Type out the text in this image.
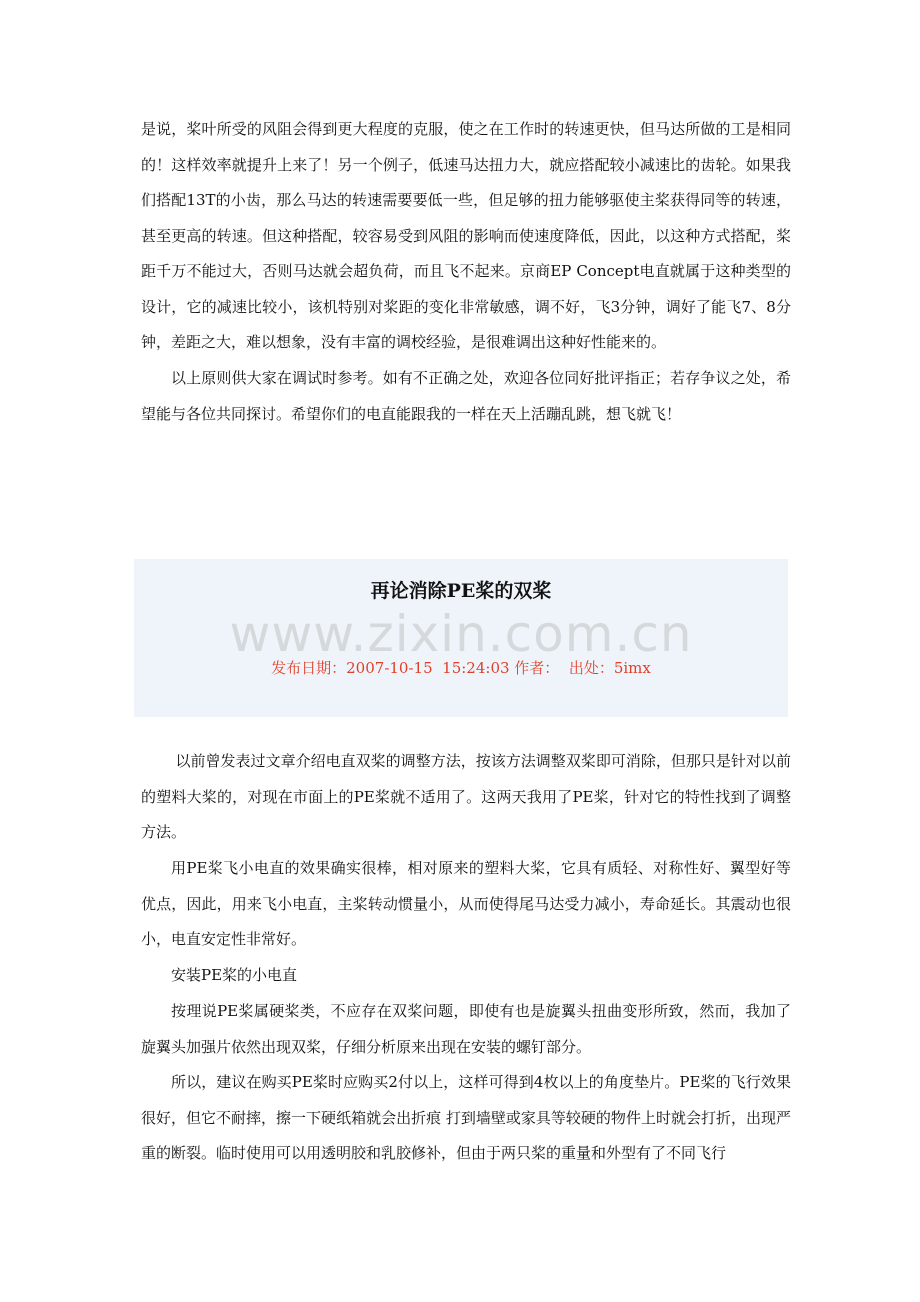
是说，桨叶所受的风阻会得到更大程度的克服，使之在工作时的转速更快，但马达所做的工是相同的！这样效率就提升上来了！另一个例子，低速马达扭力大，就应搭配较小减速比的齿轮。如果我们搭配13T的小齿，那么马达的转速需要要低一些，但足够的扭力能够驱使主桨获得同等的转速，甚至更高的转速。但这种搭配，较容易受到风阻的影响而使速度降低，因此，以这种方式搭配，桨距千万不能过大，否则马达就会超负荷，而且飞不起来。京商EP Concept电直就属于这种类型的设计，它的减速比较小，该机特别对桨距的变化非常敏感，调不好，飞3分钟，调好了能飞7、8分钟，差距之大，难以想象，没有丰富的调校经验，是很难调出这种好性能来的。

以上原则供大家在调试时参考。如有不正确之处，欢迎各位同好批评指正；若存争议之处，希望能与各位共同探讨。希望你们的电直能跟我的一样在天上活蹦乱跳，想飞就飞！

再论消除PE桨的双桨
www.zixin.com.cn
发布日期：2007-10-15  15:24:03 作者：  出处：5imx

以前曾发表过文章介绍电直双桨的调整方法，按该方法调整双桨即可消除，但那只是针对以前的塑料大桨的，对现在市面上的PE桨就不适用了。这两天我用了PE桨，针对它的特性找到了调整方法。

用PE桨飞小电直的效果确实很棒，相对原来的塑料大桨，它具有质轻、对称性好、翼型好等优点，因此，用来飞小电直，主桨转动惯量小，从而使得尾马达受力减小，寿命延长。其震动也很小，电直安定性非常好。

安装PE桨的小电直

按理说PE桨属硬桨类，不应存在双桨问题，即使有也是旋翼头扭曲变形所致，然而，我加了旋翼头加强片依然出现双桨，仔细分析原来出现在安装的螺钉部分。

所以，建议在购买PE桨时应购买2付以上，这样可得到4枚以上的角度垫片。PE桨的飞行效果很好，但它不耐摔，擦一下硬纸箱就会出折痕 打到墙壁或家具等较硬的物件上时就会打折，出现严重的断裂。临时使用可以用透明胶和乳胶修补，但由于两只桨的重量和外型有了不同飞行
